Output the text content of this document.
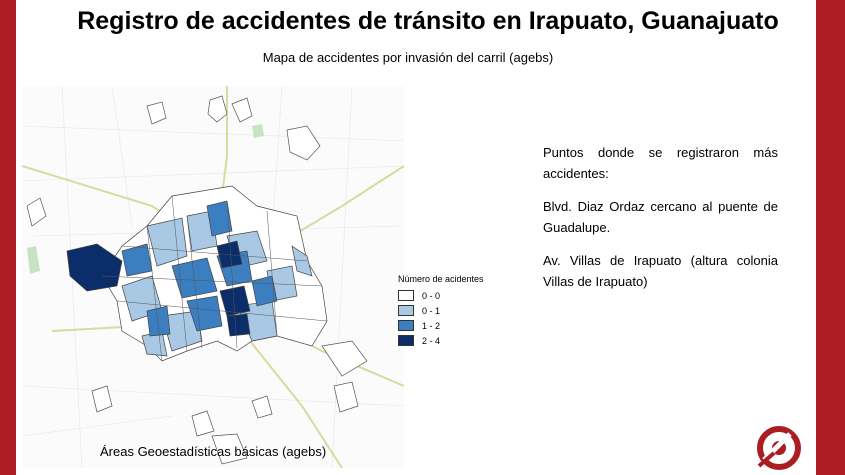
Registro de accidentes de tránsito en Irapuato, Guanajuato
Mapa de accidentes por invasión del carril (agebs)
Número de acidentes
0 - 0
0 - 1
1 - 2
2 - 4

Puntos donde se registraron más accidentes:

Blvd. Diaz Ordaz cercano al puente de Guadalupe.

Av. Villas de Irapuato (altura colonia Villas de Irapuato)

Áreas Geoestadísticas básicas (agebs)
